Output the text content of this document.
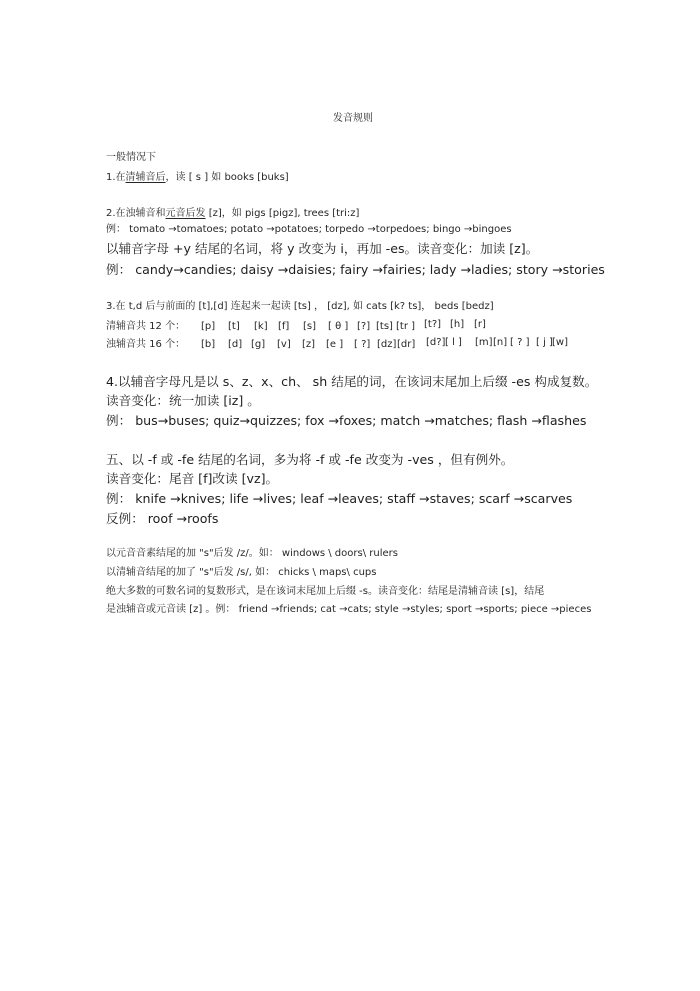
发音规则
一般情况下
1.在清辅音后，读 [ s ] 如 books [buks]
2.在浊辅音和元音后发 [z]，如 pigs [pigz], trees [tri:z]
例： tomato →tomatoes; potato →potatoes; torpedo →torpedoes; bingo →bingoes
以辅音字母 +y 结尾的名词，将 y 改变为 i，再加 -es。读音变化：加读 [z]。
例： candy→candies; daisy →daisies; fairy →fairies; lady →ladies; story →stories
3.在 t,d 后与前面的 [t],[d] 连起来一起读 [ts] ， [dz], 如 cats [k? ts]， beds [bedz]
清辅音共 12 个： [p] [t] [k] [f] [s] [ θ ] [?] [ts] [tr ] [t?] [h] [r]
浊辅音共 16 个： [b] [d] [g] [v] [z] [e ] [ ?] [dz] [dr] [d?] [ l ] [m] [n] [ ? ] [ j ] [w]
4.以辅音字母凡是以 s、z、x、ch、 sh 结尾的词，在该词末尾加上后缀 -es 构成复数。
读音变化：统一加读 [iz] 。
例： bus→buses; quiz→quizzes; fox →foxes; match →matches; flash →flashes
五、以 -f 或 -fe 结尾的名词，多为将 -f 或 -fe 改变为 -ves ，但有例外。
读音变化：尾音 [f]改读 [vz]。
例： knife →knives; life →lives; leaf →leaves; staff →staves; scarf →scarves
反例： roof →roofs
以元音音素结尾的加 "s"后发 /z/。如： windows \ doors\ rulers
以清辅音结尾的加了 "s"后发 /s/, 如： chicks \ maps\ cups
绝大多数的可数名词的复数形式，是在该词末尾加上后缀 -s。读音变化：结尾是清辅音读 [s]，结尾
是浊辅音或元音读 [z] 。例： friend →friends; cat →cats; style →styles; sport →sports; piece →pieces
